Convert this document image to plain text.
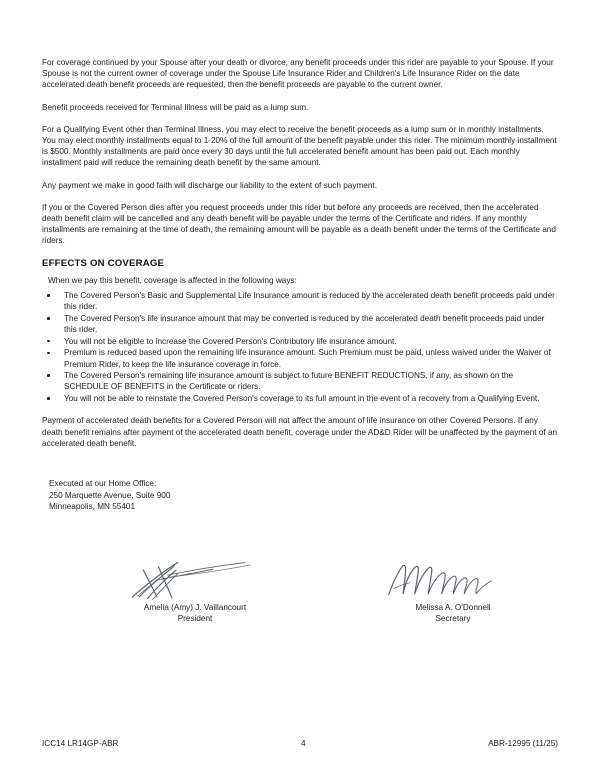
For coverage continued by your Spouse after your death or divorce, any benefit proceeds under this rider are payable to your Spouse. If your Spouse is not the current owner of coverage under the Spouse Life Insurance Rider and Children's Life Insurance Rider on the date accelerated death benefit proceeds are requested, then the benefit proceeds are payable to the current owner.

Benefit proceeds received for Terminal Illness will be paid as a lump sum.

For a Qualifying Event other than Terminal Illness, you may elect to receive the benefit proceeds as a lump sum or in monthly installments. You may elect monthly installments equal to 1-20% of the full amount of the benefit payable under this rider. The minimum monthly installment is $500. Monthly installments are paid once every 30 days until the full accelerated benefit amount has been paid out. Each monthly installment paid will reduce the remaining death benefit by the same amount.

Any payment we make in good faith will discharge our liability to the extent of such payment.

If you or the Covered Person dies after you request proceeds under this rider but before any proceeds are received, then the accelerated death benefit claim will be cancelled and any death benefit will be payable under the terms of the Certificate and riders. If any monthly installments are remaining at the time of death, the remaining amount will be payable as a death benefit under the terms of the Certificate and riders.

EFFECTS ON COVERAGE
When we pay this benefit, coverage is affected in the following ways:
The Covered Person's Basic and Supplemental Life Insurance amount is reduced by the accelerated death benefit proceeds paid under this rider.
The Covered Person's life insurance amount that may be converted is reduced by the accelerated death benefit proceeds paid under this rider.
You will not be eligible to increase the Covered Person's Contributory life insurance amount.
Premium is reduced based upon the remaining life insurance amount. Such Premium must be paid, unless waived under the Waiver of Premium Rider, to keep the life insurance coverage in force.
The Covered Person's remaining life insurance amount is subject to future BENEFIT REDUCTIONS, if any, as shown on the SCHEDULE OF BENEFITS in the Certificate or riders.
You will not be able to reinstate the Covered Person's coverage to its full amount in the event of a recovery from a Qualifying Event.

Payment of accelerated death benefits for a Covered Person will not affect the amount of life insurance on other Covered Persons. If any death benefit remains after payment of the accelerated death benefit, coverage under the AD&D Rider will be unaffected by the payment of an accelerated death benefit.

Executed at our Home Office:
250 Marquette Avenue, Suite 900
Minneapolis, MN 55401
Amelia (Amy) J. Vaillancourt
President
Melissa A. O'Donnell
Secretary
ICC14 LR14GP-ABR	4	ABR-12995 (11/25)
